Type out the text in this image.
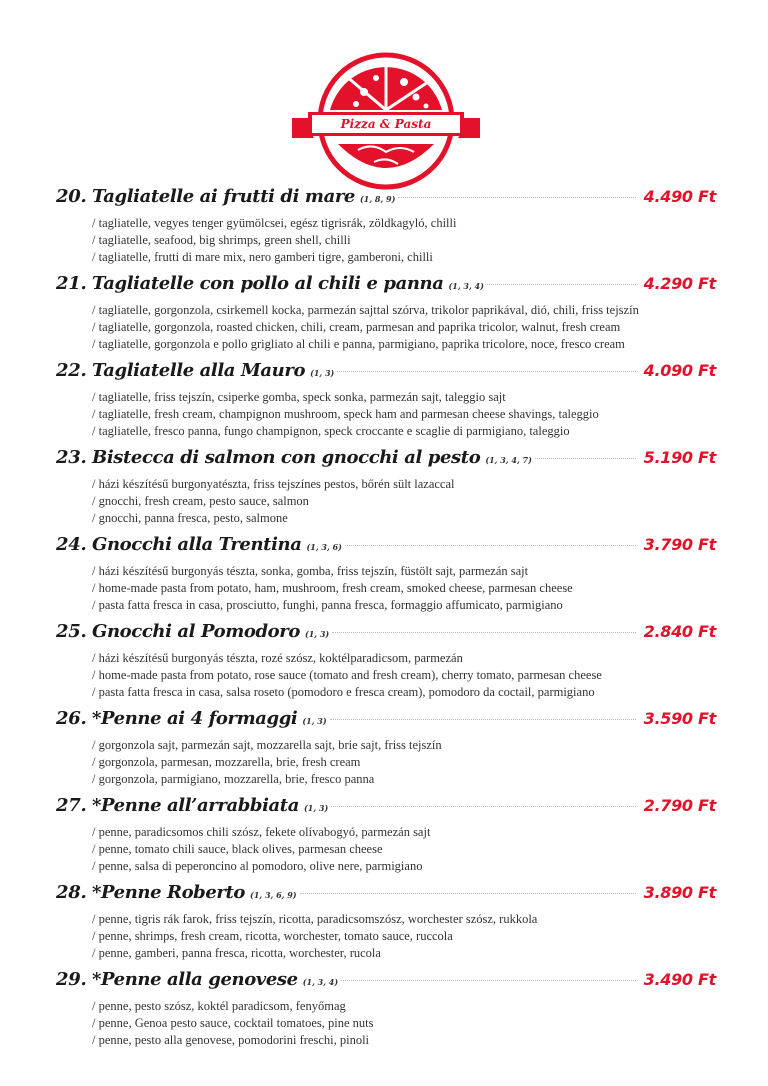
Pizza & Pasta
20. Tagliatelle ai frutti di mare (1, 8, 9)	4.490 Ft
/ tagliatelle, vegyes tenger gyümölcsei, egész tigrisrák, zöldkagyló, chilli
/ tagliatelle, seafood, big shrimps, green shell, chilli
/ tagliatelle, frutti di mare mix, nero gamberi tigre, gamberoni, chilli
21. Tagliatelle con pollo al chili e panna (1, 3, 4)	4.290 Ft
/ tagliatelle, gorgonzola, csirkemell kocka, parmezán sajttal szórva, trikolor paprikával, dió, chili, friss tejszín
/ tagliatelle, gorgonzola, roasted chicken, chili, cream, parmesan and paprika tricolor, walnut, fresh cream
/ tagliatelle, gorgonzola e pollo grigliato al chili e panna, parmigiano, paprika tricolore, noce, fresco cream
22. Tagliatelle alla Mauro (1, 3)	4.090 Ft
/ tagliatelle, friss tejszín, csiperke gomba, speck sonka, parmezán sajt, taleggio sajt
/ tagliatelle, fresh cream, champignon mushroom, speck ham and parmesan cheese shavings, taleggio
/ tagliatelle, fresco panna, fungo champignon, speck croccante e scaglie di parmigiano, taleggio
23. Bistecca di salmon con gnocchi al pesto (1, 3, 4, 7)	5.190 Ft
/ házi készítésű burgonyatészta, friss tejszínes pestos, bőrén sült lazaccal
/ gnocchi, fresh cream, pesto sauce, salmon
/ gnocchi, panna fresca, pesto, salmone
24. Gnocchi alla Trentina (1, 3, 6)	3.790 Ft
/ házi készítésű burgonyás tészta, sonka, gomba, friss tejszín, füstölt sajt, parmezán sajt
/ home-made pasta from potato, ham, mushroom, fresh cream, smoked cheese, parmesan cheese
/ pasta fatta fresca in casa, prosciutto, funghi, panna fresca, formaggio affumicato, parmigiano
25. Gnocchi al Pomodoro (1, 3)	2.840 Ft
/ házi készítésű burgonyás tészta, rozé szósz, koktélparadicsom, parmezán
/ home-made pasta from potato, rose sauce (tomato and fresh cream), cherry tomato, parmesan cheese
/ pasta fatta fresca in casa, salsa roseto (pomodoro e fresca cream), pomodoro da coctail, parmigiano
26. *Penne ai 4 formaggi (1, 3)	3.590 Ft
/ gorgonzola sajt, parmezán sajt, mozzarella sajt, brie sajt, friss tejszín
/ gorgonzola, parmesan, mozzarella, brie, fresh cream
/ gorgonzola, parmigiano, mozzarella, brie, fresco panna
27. *Penne all’arrabbiata (1, 3)	2.790 Ft
/ penne, paradicsomos chili szósz, fekete olívabogyó, parmezán sajt
/ penne, tomato chili sauce, black olives, parmesan cheese
/ penne, salsa di peperoncino al pomodoro, olive nere, parmigiano
28. *Penne Roberto (1, 3, 6, 9)	3.890 Ft
/ penne, tigris rák farok, friss tejszín, ricotta, paradicsomszósz, worchester szósz, rukkola
/ penne, shrimps, fresh cream, ricotta, worchester, tomato sauce, ruccola
/ penne, gamberi, panna fresca, ricotta, worchester, rucola
29. *Penne alla genovese (1, 3, 4)	3.490 Ft
/ penne, pesto szósz, koktél paradicsom, fenyőmag
/ penne, Genoa pesto sauce, cocktail tomatoes, pine nuts
/ penne, pesto alla genovese, pomodorini freschi, pinoli
